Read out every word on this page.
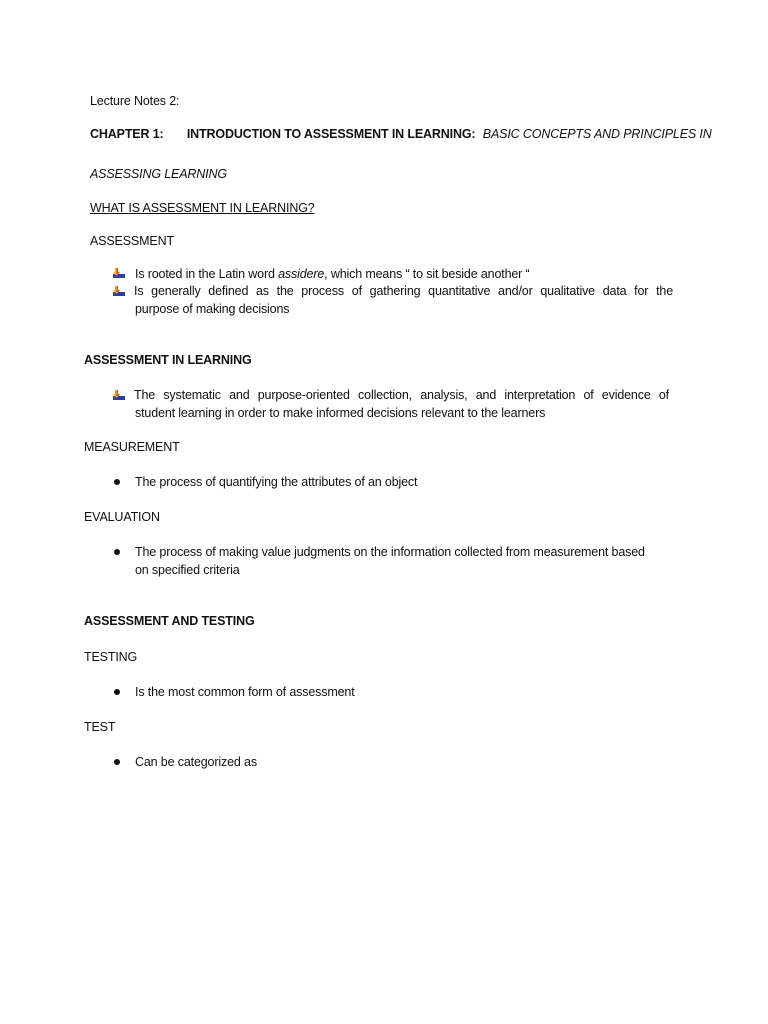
Lecture Notes 2:
CHAPTER 1: INTRODUCTION TO ASSESSMENT IN LEARNING: BASIC CONCEPTS AND PRINCIPLES IN
ASSESSING LEARNING
WHAT IS ASSESSMENT IN LEARNING?
ASSESSMENT
Is rooted in the Latin word assidere, which means “ to sit beside another “
Is generally defined as the process of gathering quantitative and/or qualitative data for the
purpose of making decisions
ASSESSMENT IN LEARNING
The systematic and purpose-oriented collection, analysis, and interpretation of evidence of
student learning in order to make informed decisions relevant to the learners
MEASUREMENT
The process of quantifying the attributes of an object
EVALUATION
The process of making value judgments on the information collected from measurement based
on specified criteria
ASSESSMENT AND TESTING
TESTING
Is the most common form of assessment
TEST
Can be categorized as
